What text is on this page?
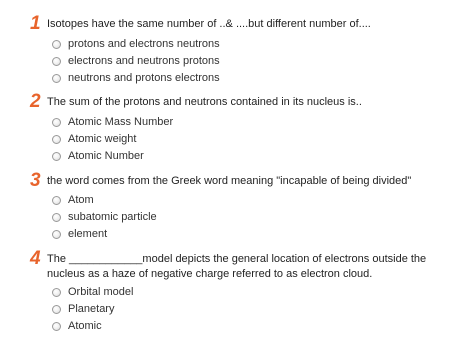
1 Isotopes have the same number of ..& ....but different number of....
protons and electrons neutrons
electrons and neutrons protons
neutrons and protons electrons
2 The sum of the protons and neutrons contained in its nucleus is..
Atomic Mass Number
Atomic weight
Atomic Number
3 the word comes from the Greek word meaning "incapable of being divided"
Atom
subatomic particle
element
4 The ____________model depicts the general location of electrons outside the nucleus as a haze of negative charge referred to as electron cloud.
Orbital model
Planetary
Atomic
